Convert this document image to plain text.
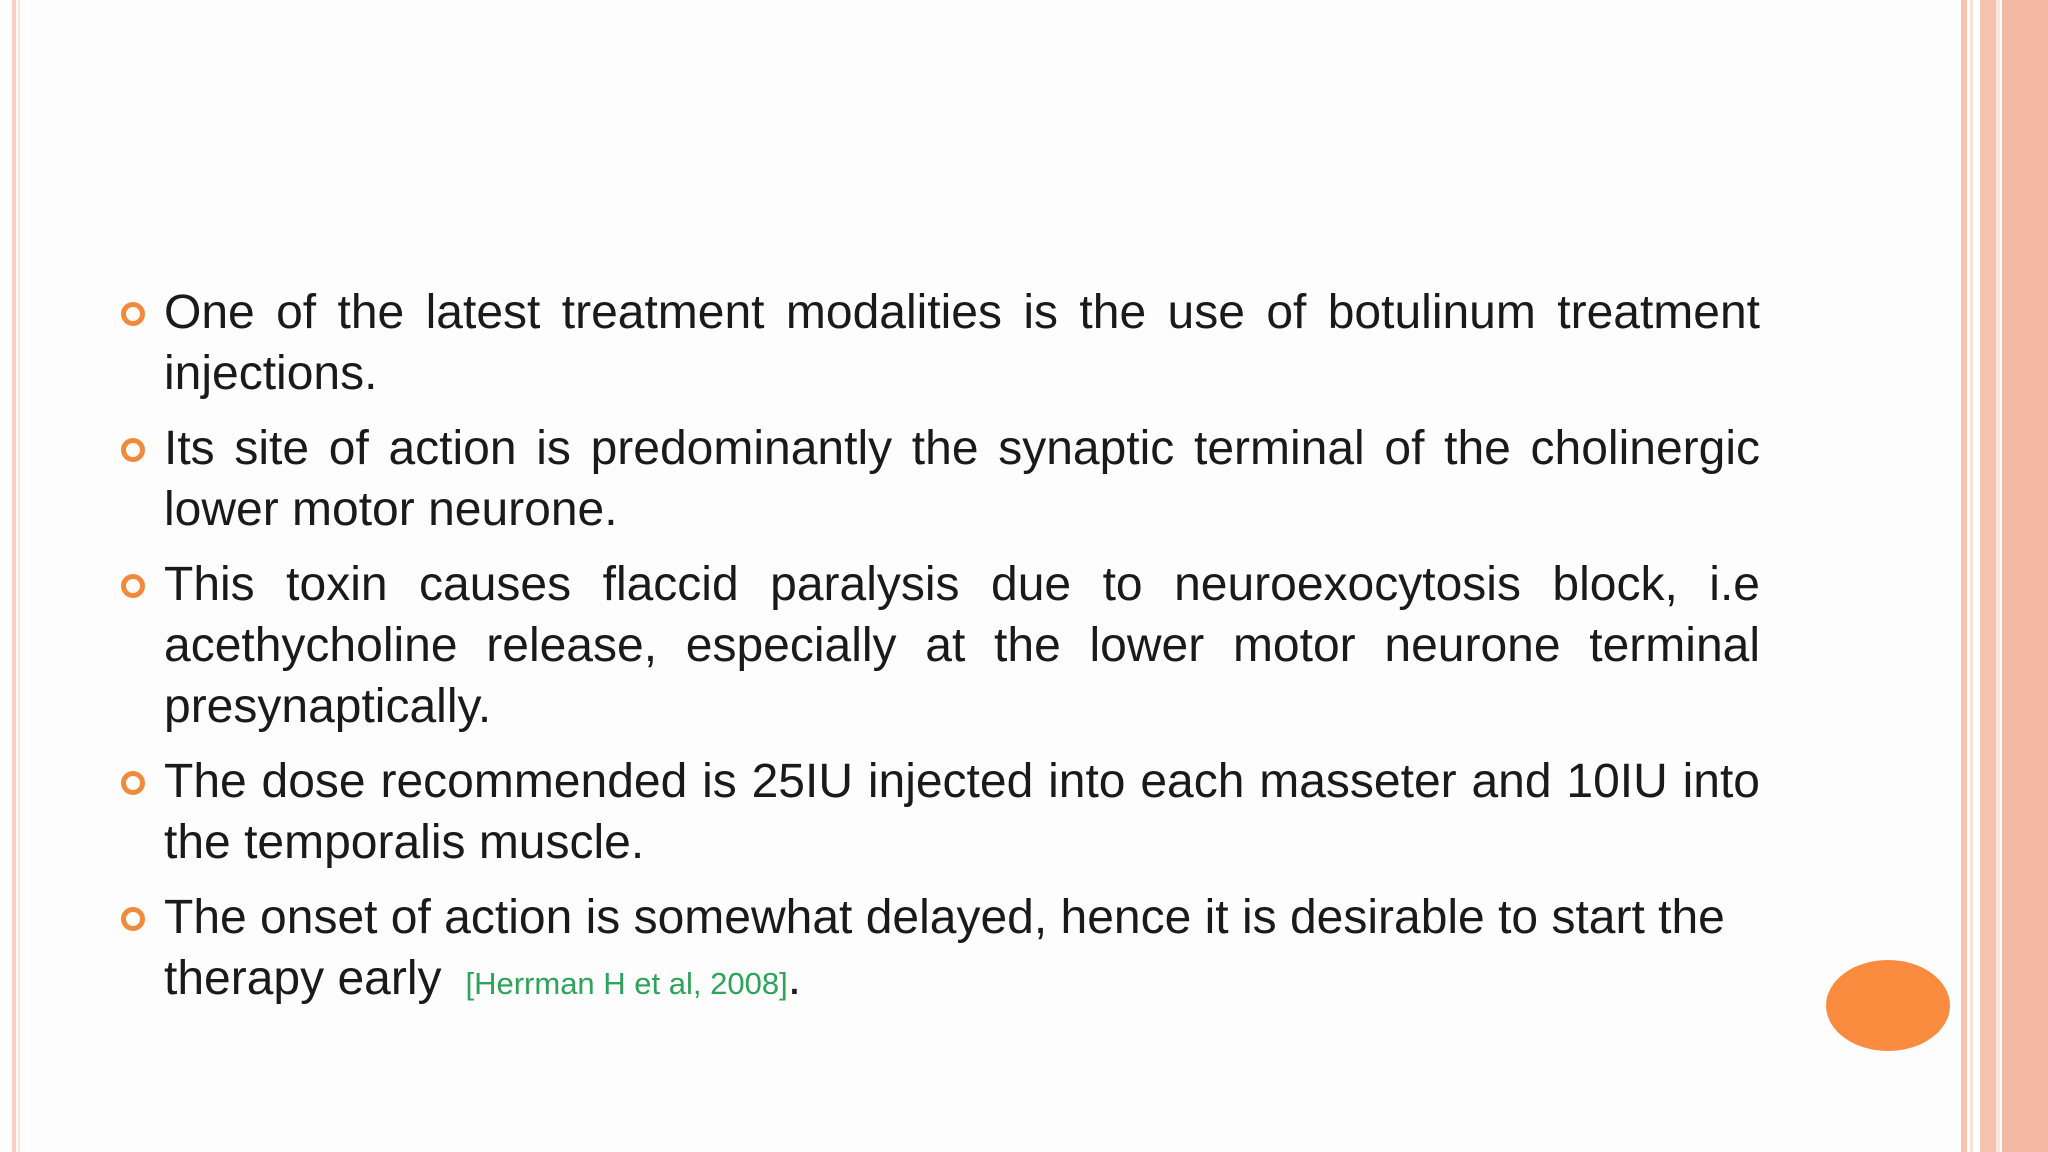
One of the latest treatment modalities is the use of botulinum treatment injections.
Its site of action is predominantly the synaptic terminal of the cholinergic lower motor neurone.
This toxin causes flaccid paralysis due to neuroexocytosis block, i.e acethycholine release, especially at the lower motor neurone terminal presynaptically.
The dose recommended is 25IU injected into each masseter and 10IU into the temporalis muscle.
The onset of action is somewhat delayed, hence it is desirable to start the therapy early [Herrman H et al, 2008].
